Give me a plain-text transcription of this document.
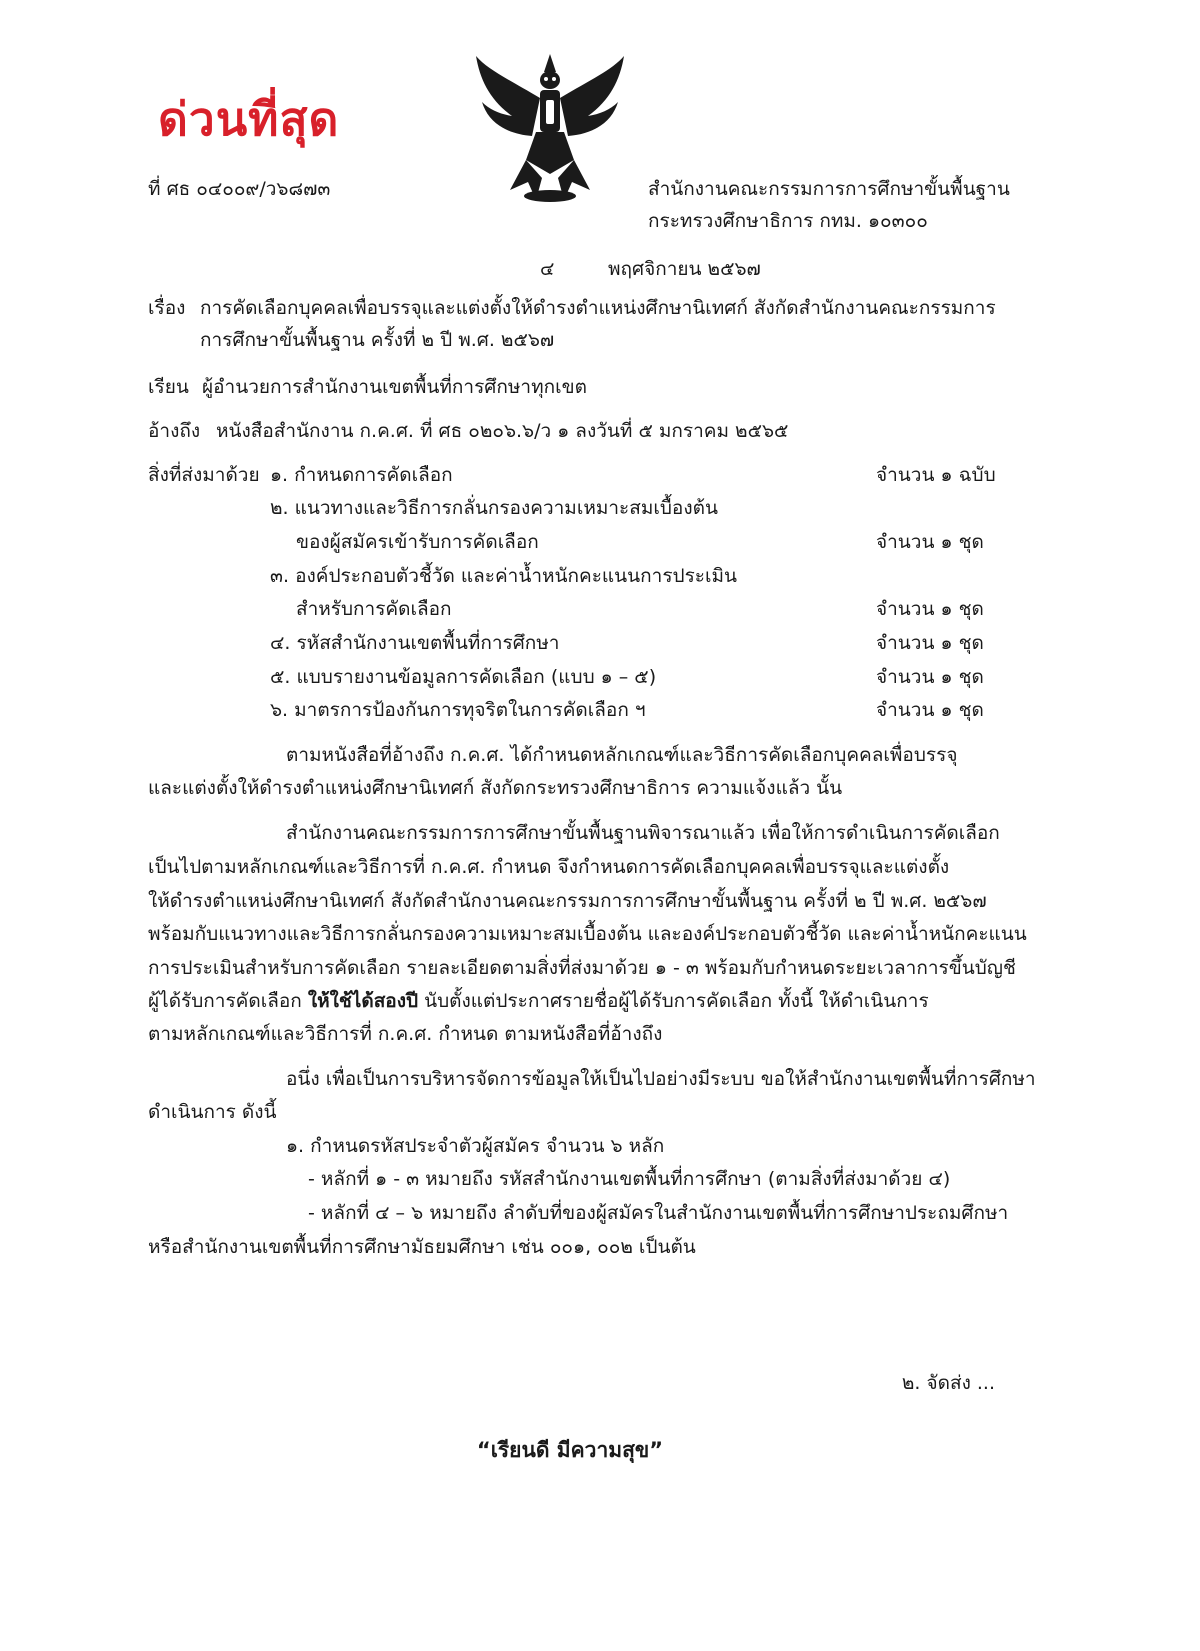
ด่วนที่สุด
ที่ ศธ ๐๔๐๐๙/ว๖๘๗๓	สำนักงานคณะกรรมการการศึกษาขั้นพื้นฐาน
กระทรวงศึกษาธิการ กทม. ๑๐๓๐๐
๔	พฤศจิกายน ๒๕๖๗
เรื่อง การคัดเลือกบุคคลเพื่อบรรจุและแต่งตั้งให้ดำรงตำแหน่งศึกษานิเทศก์ สังกัดสำนักงานคณะกรรมการ
การศึกษาขั้นพื้นฐาน ครั้งที่ ๒ ปี พ.ศ. ๒๕๖๗
เรียน ผู้อำนวยการสำนักงานเขตพื้นที่การศึกษาทุกเขต
อ้างถึง หนังสือสำนักงาน ก.ค.ศ. ที่ ศธ ๐๒๐๖.๖/ว ๑ ลงวันที่ ๕ มกราคม ๒๕๖๕
สิ่งที่ส่งมาด้วย ๑. กำหนดการคัดเลือก	จำนวน ๑ ฉบับ
๒. แนวทางและวิธีการกลั่นกรองความเหมาะสมเบื้องต้น
ของผู้สมัครเข้ารับการคัดเลือก	จำนวน ๑ ชุด
๓. องค์ประกอบตัวชี้วัด และค่าน้ำหนักคะแนนการประเมิน
สำหรับการคัดเลือก	จำนวน ๑ ชุด
๔. รหัสสำนักงานเขตพื้นที่การศึกษา	จำนวน ๑ ชุด
๕. แบบรายงานข้อมูลการคัดเลือก (แบบ ๑ – ๕)	จำนวน ๑ ชุด
๖. มาตรการป้องกันการทุจริตในการคัดเลือก ฯ	จำนวน ๑ ชุด
ตามหนังสือที่อ้างถึง ก.ค.ศ. ได้กำหนดหลักเกณฑ์และวิธีการคัดเลือกบุคคลเพื่อบรรจุ
และแต่งตั้งให้ดำรงตำแหน่งศึกษานิเทศก์ สังกัดกระทรวงศึกษาธิการ ความแจ้งแล้ว นั้น
สำนักงานคณะกรรมการการศึกษาขั้นพื้นฐานพิจารณาแล้ว เพื่อให้การดำเนินการคัดเลือก
เป็นไปตามหลักเกณฑ์และวิธีการที่ ก.ค.ศ. กำหนด จึงกำหนดการคัดเลือกบุคคลเพื่อบรรจุและแต่งตั้ง
ให้ดำรงตำแหน่งศึกษานิเทศก์ สังกัดสำนักงานคณะกรรมการการศึกษาขั้นพื้นฐาน ครั้งที่ ๒ ปี พ.ศ. ๒๕๖๗
พร้อมกับแนวทางและวิธีการกลั่นกรองความเหมาะสมเบื้องต้น และองค์ประกอบตัวชี้วัด และค่าน้ำหนักคะแนน
การประเมินสำหรับการคัดเลือก รายละเอียดตามสิ่งที่ส่งมาด้วย ๑ - ๓ พร้อมกับกำหนดระยะเวลาการขึ้นบัญชี
ผู้ได้รับการคัดเลือก ให้ใช้ได้สองปี นับตั้งแต่ประกาศรายชื่อผู้ได้รับการคัดเลือก ทั้งนี้ ให้ดำเนินการ
ตามหลักเกณฑ์และวิธีการที่ ก.ค.ศ. กำหนด ตามหนังสือที่อ้างถึง
อนึ่ง เพื่อเป็นการบริหารจัดการข้อมูลให้เป็นไปอย่างมีระบบ ขอให้สำนักงานเขตพื้นที่การศึกษา
ดำเนินการ ดังนี้
๑. กำหนดรหัสประจำตัวผู้สมัคร จำนวน ๖ หลัก
- หลักที่ ๑ - ๓ หมายถึง รหัสสำนักงานเขตพื้นที่การศึกษา (ตามสิ่งที่ส่งมาด้วย ๔)
- หลักที่ ๔ – ๖ หมายถึง ลำดับที่ของผู้สมัครในสำนักงานเขตพื้นที่การศึกษาประถมศึกษา
หรือสำนักงานเขตพื้นที่การศึกษามัธยมศึกษา เช่น ๐๐๑, ๐๐๒ เป็นต้น
๒. จัดส่ง ...
“เรียนดี มีความสุข”
